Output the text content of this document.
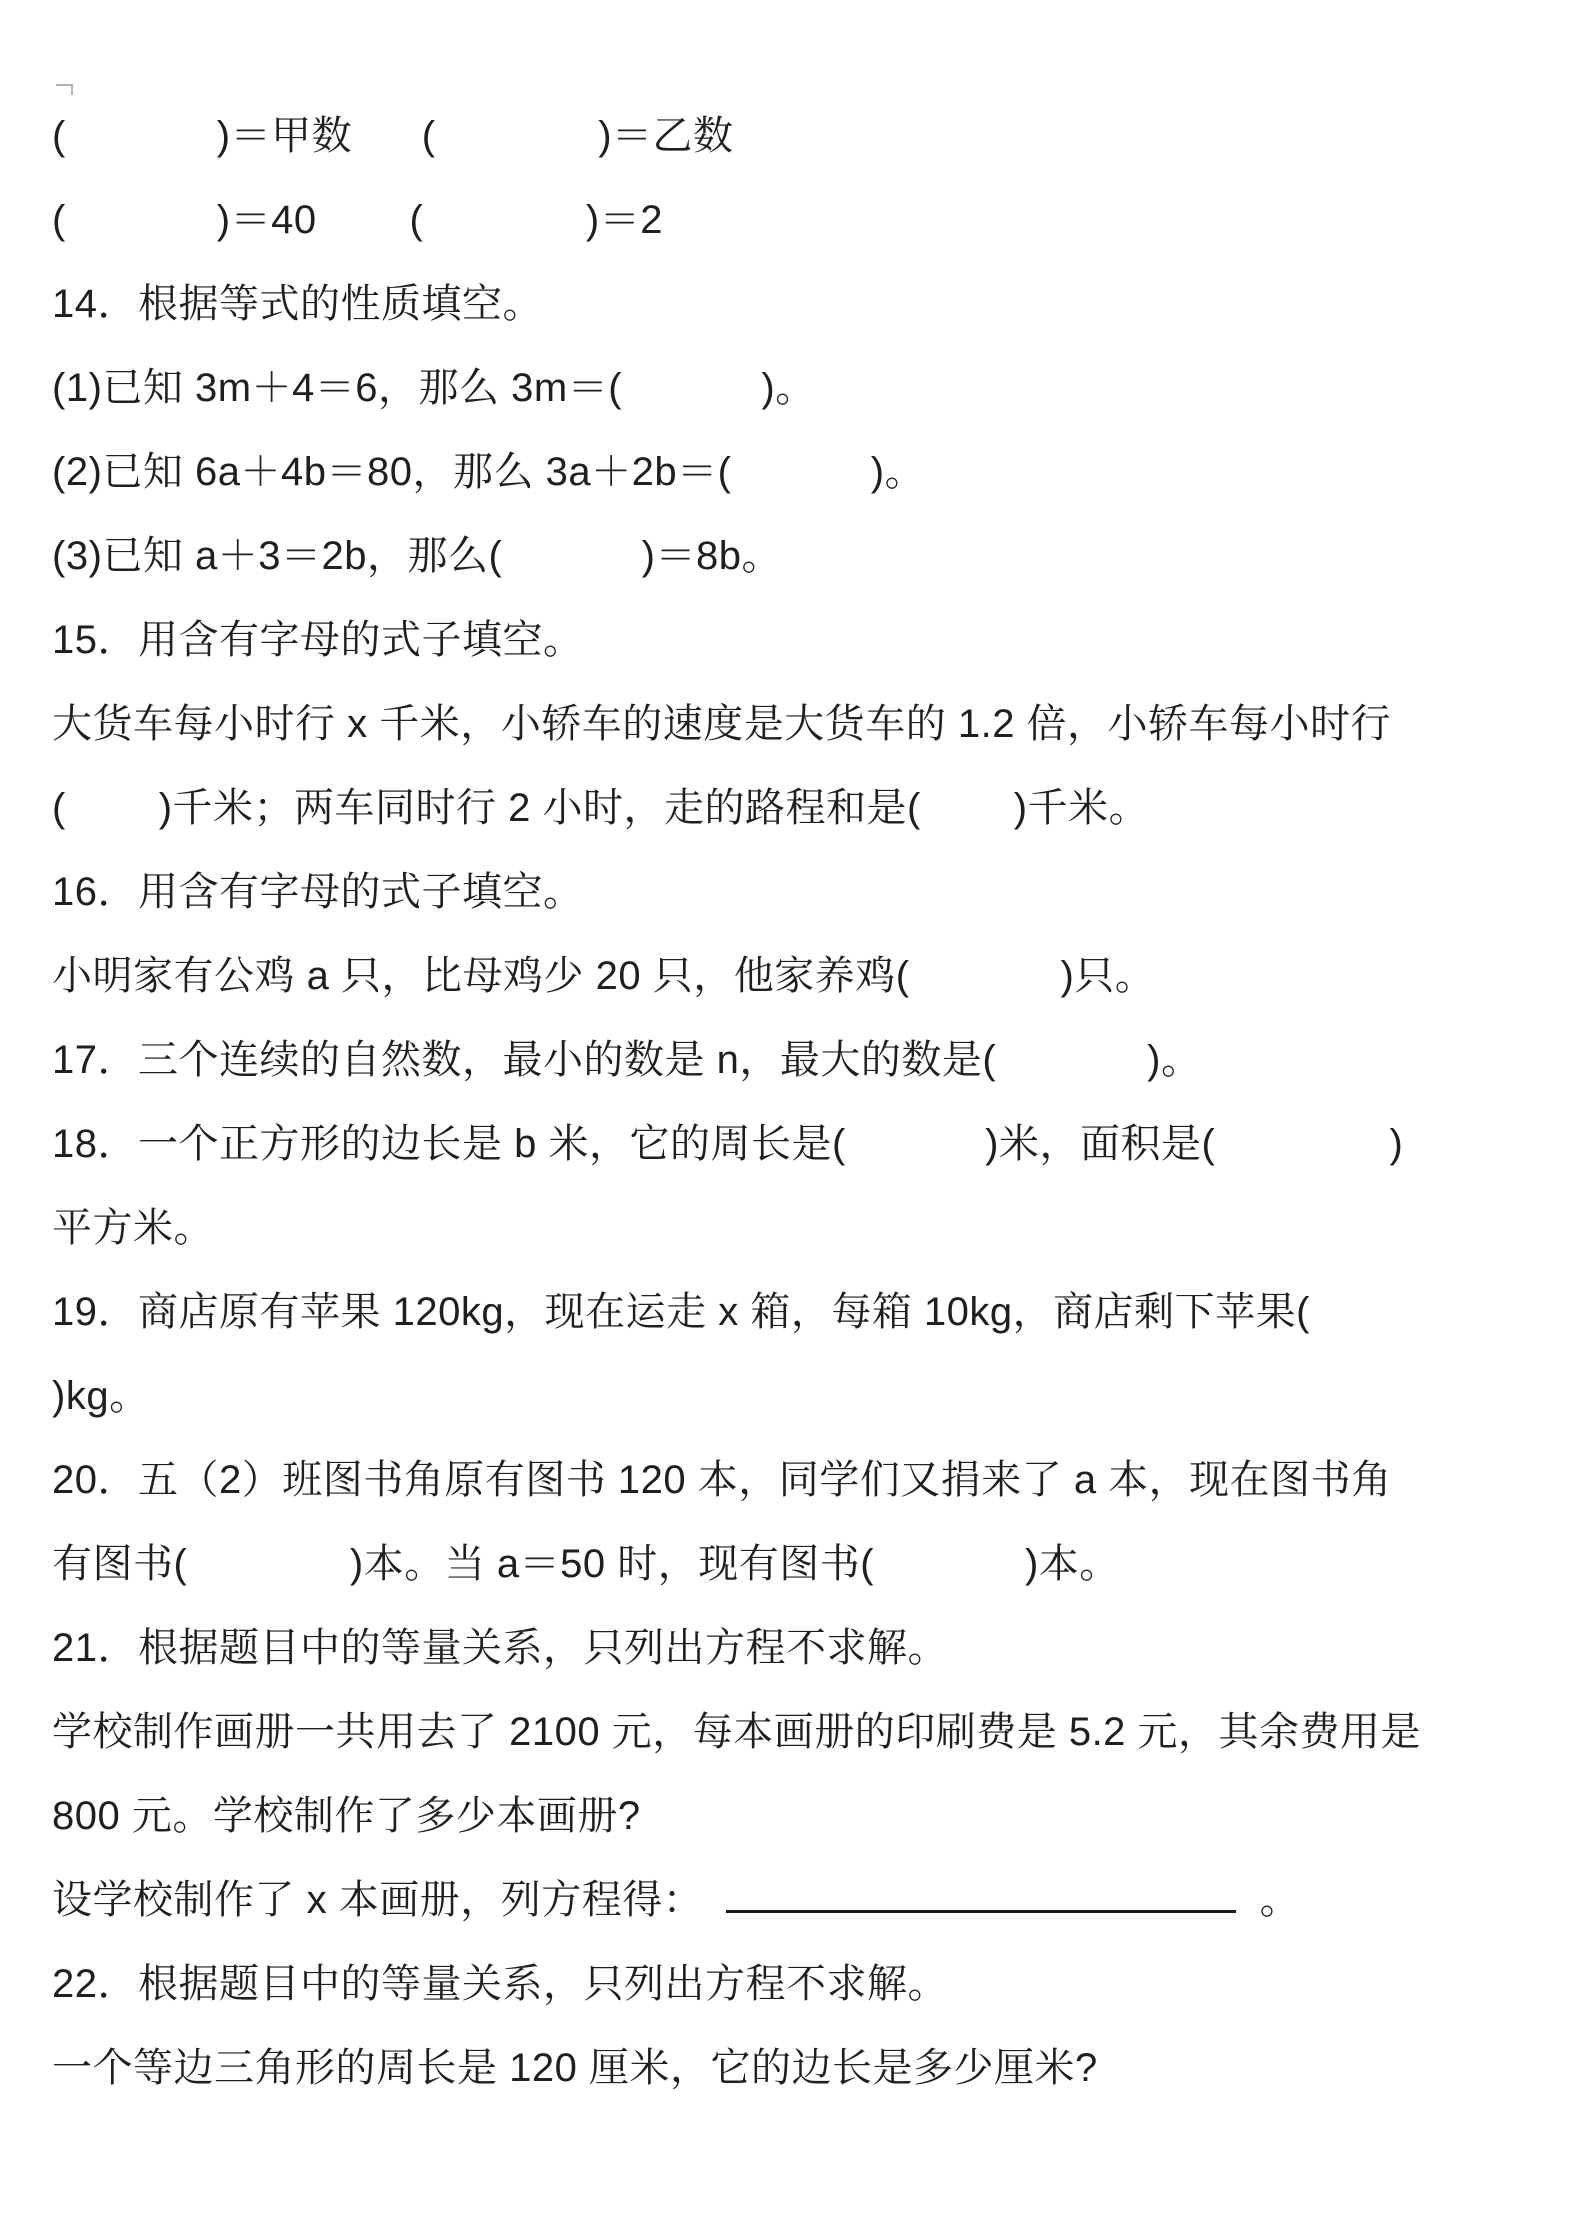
(             )＝甲数      (              )＝乙数
(             )＝40        (              )＝2
14．根据等式的性质填空。
(1)已知 3m＋4＝6，那么 3m＝(            )。
(2)已知 6a＋4b＝80，那么 3a＋2b＝(            )。
(3)已知 a＋3＝2b，那么(            )＝8b。
15．用含有字母的式子填空。
大货车每小时行 x 千米，小轿车的速度是大货车的 1.2 倍，小轿车每小时行
(        )千米；两车同时行 2 小时，走的路程和是(        )千米。
16．用含有字母的式子填空。
小明家有公鸡 a 只，比母鸡少 20 只，他家养鸡(             )只。
17．三个连续的自然数，最小的数是 n，最大的数是(             )。
18．一个正方形的边长是 b 米，它的周长是(            )米，面积是(               )
平方米。
19．商店原有苹果 120kg，现在运走 x 箱，每箱 10kg，商店剩下苹果(
)kg。
20．五（2）班图书角原有图书 120 本，同学们又捐来了 a 本，现在图书角
有图书(              )本。当 a＝50 时，现有图书(             )本。
21．根据题目中的等量关系，只列出方程不求解。
学校制作画册一共用去了 2100 元，每本画册的印刷费是 5.2 元，其余费用是
800 元。学校制作了多少本画册?
设学校制作了 x 本画册，列方程得：	。
22．根据题目中的等量关系，只列出方程不求解。
一个等边三角形的周长是 120 厘米，它的边长是多少厘米?
